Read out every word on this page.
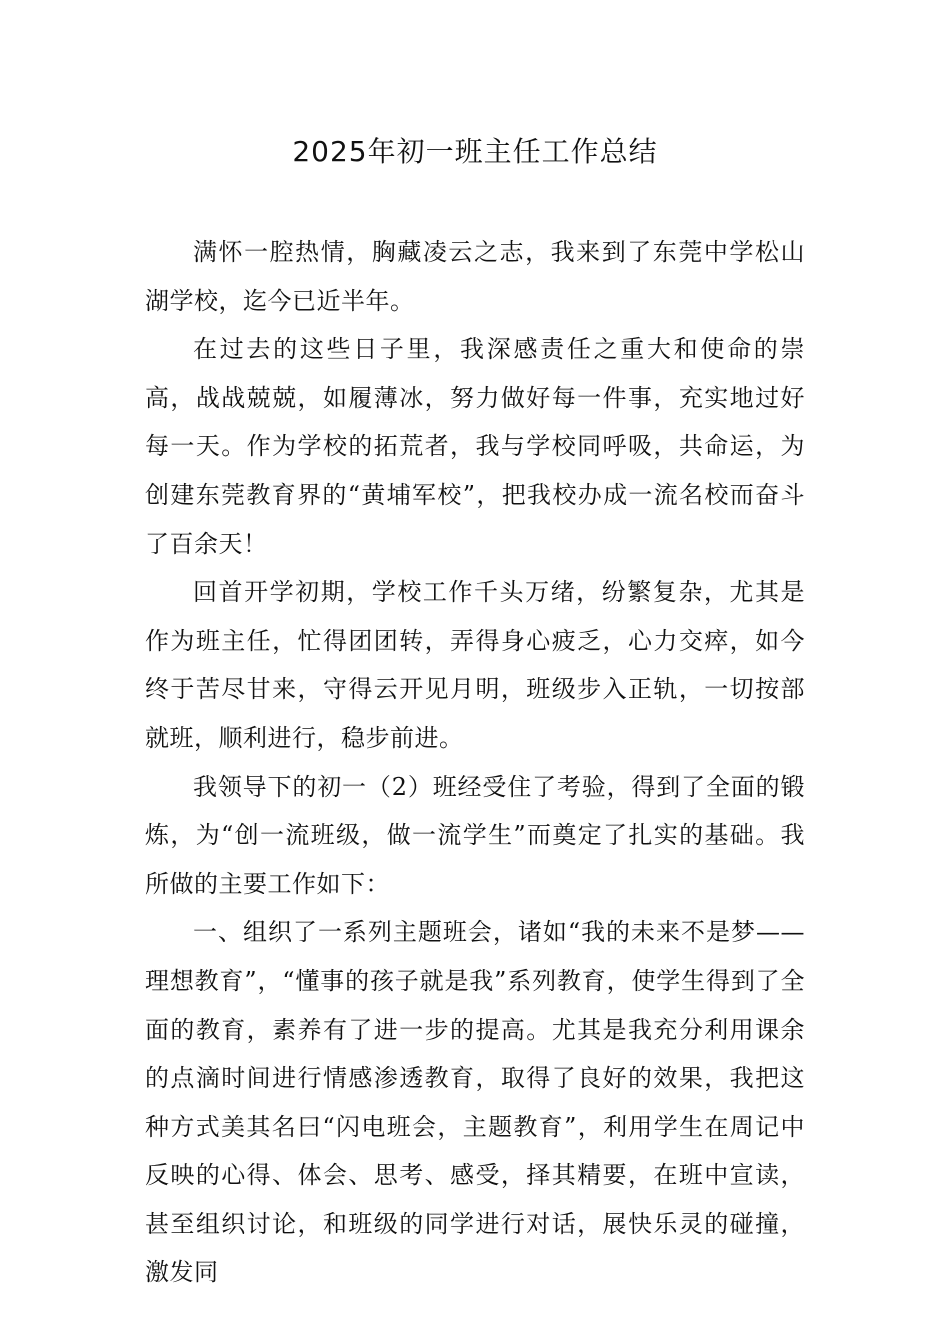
2025年初一班主任工作总结

满怀一腔热情，胸藏凌云之志，我来到了东莞中学松山湖学校，迄今已近半年。

在过去的这些日子里，我深感责任之重大和使命的崇高，战战兢兢，如履薄冰，努力做好每一件事，充实地过好每一天。作为学校的拓荒者，我与学校同呼吸，共命运，为创建东莞教育界的“黄埔军校”，把我校办成一流名校而奋斗了百余天！

回首开学初期，学校工作千头万绪，纷繁复杂，尤其是作为班主任，忙得团团转，弄得身心疲乏，心力交瘁，如今终于苦尽甘来，守得云开见月明，班级步入正轨，一切按部就班，顺利进行，稳步前进。

我领导下的初一（2）班经受住了考验，得到了全面的锻炼，为“创一流班级，做一流学生”而奠定了扎实的基础。我所做的主要工作如下：

一、组织了一系列主题班会，诸如“我的未来不是梦——理想教育”，“懂事的孩子就是我”系列教育，使学生得到了全面的教育，素养有了进一步的提高。尤其是我充分利用课余的点滴时间进行情感渗透教育，取得了良好的效果，我把这种方式美其名曰“闪电班会，主题教育”，利用学生在周记中反映的心得、体会、思考、感受，择其精要，在班中宣读，甚至组织讨论，和班级的同学进行对话，展快乐灵的碰撞，激发同
